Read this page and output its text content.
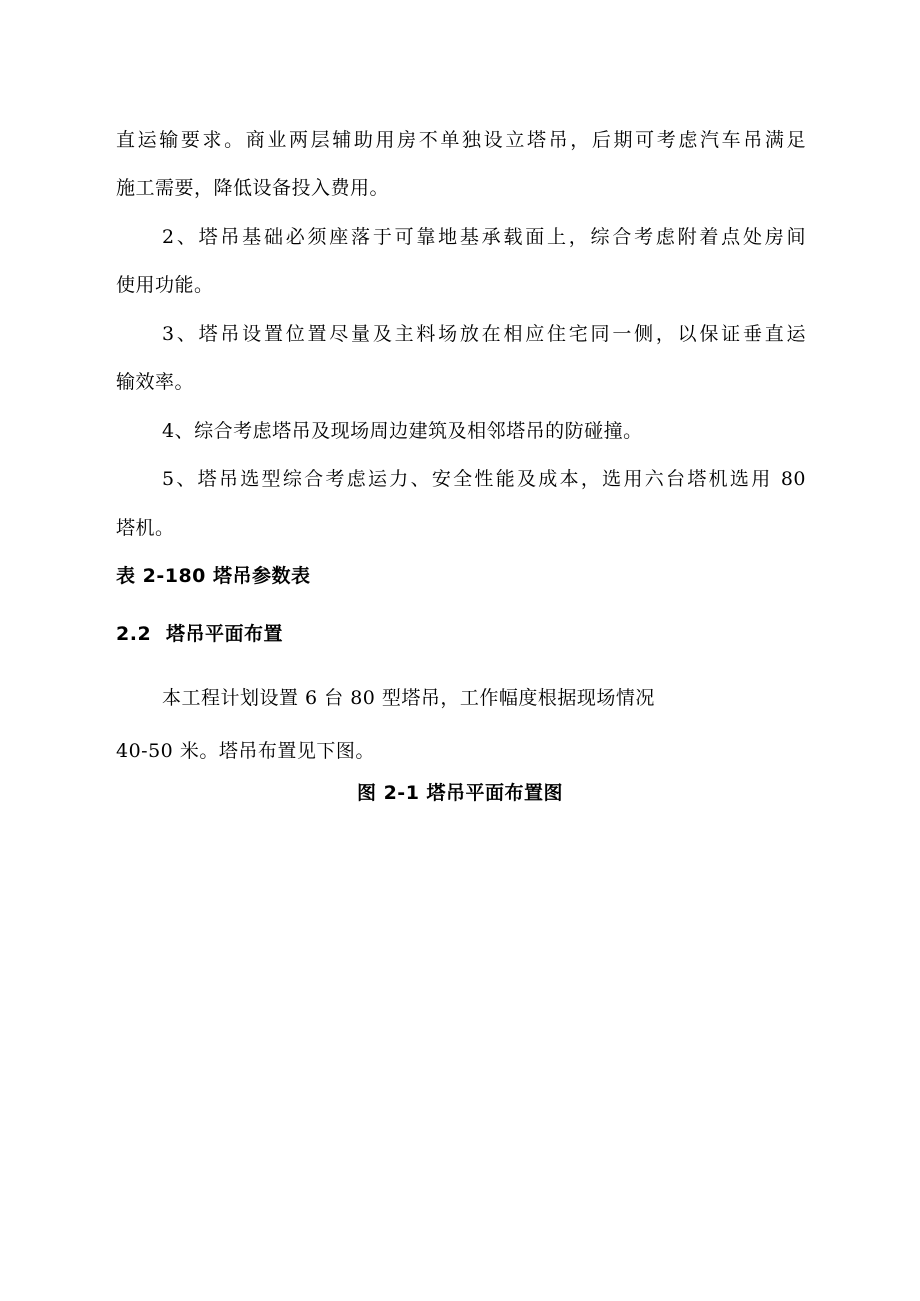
直运输要求。商业两层辅助用房不单独设立塔吊，后期可考虑汽车吊满足
施工需要，降低设备投入费用。
2、塔吊基础必须座落于可靠地基承载面上，综合考虑附着点处房间
使用功能。
3、塔吊设置位置尽量及主料场放在相应住宅同一侧，以保证垂直运
输效率。
4、综合考虑塔吊及现场周边建筑及相邻塔吊的防碰撞。
5、塔吊选型综合考虑运力、安全性能及成本，选用六台塔机选用 80
塔机。
表 2-180 塔吊参数表
2.2 塔吊平面布置
本工程计划设置 6 台 80 型塔吊，工作幅度根据现场情况
40-50 米。塔吊布置见下图。
图 2-1 塔吊平面布置图
